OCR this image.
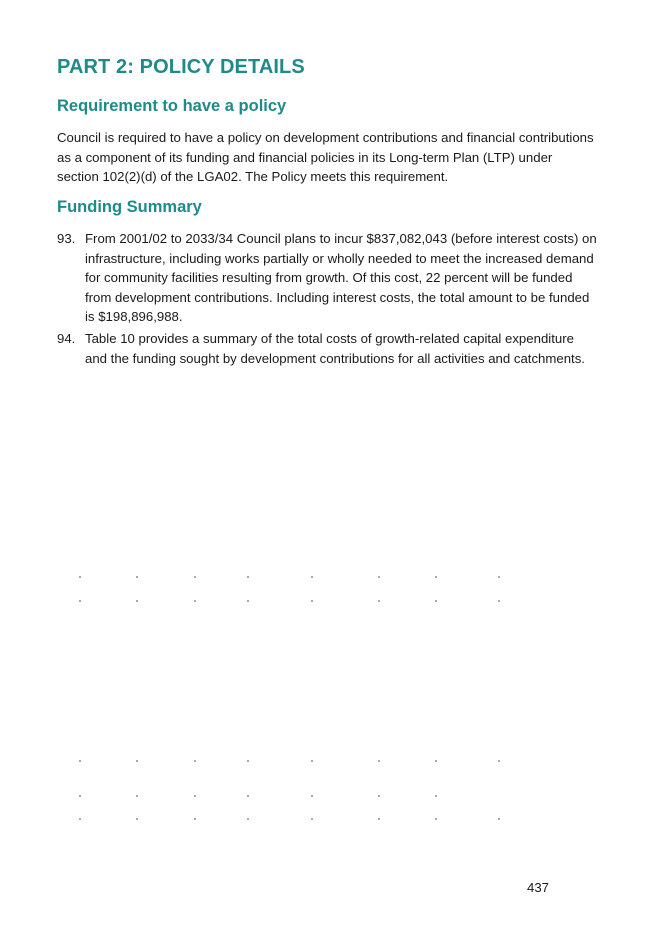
PART 2: POLICY DETAILS
Requirement to have a policy

Council is required to have a policy on development contributions and financial contributions as a component of its funding and financial policies in its Long-term Plan (LTP) under section 102(2)(d) of the LGA02. The Policy meets this requirement.

Funding Summary
93. From 2001/02 to 2033/34 Council plans to incur $837,082,043 (before interest costs) on infrastructure, including works partially or wholly needed to meet the increased demand for community facilities resulting from growth. Of this cost, 22 percent will be funded from development contributions. Including interest costs, the total amount to be funded is $198,896,988.
94. Table 10 provides a summary of the total costs of growth-related capital expenditure and the funding sought by development contributions for all activities and catchments.
437
